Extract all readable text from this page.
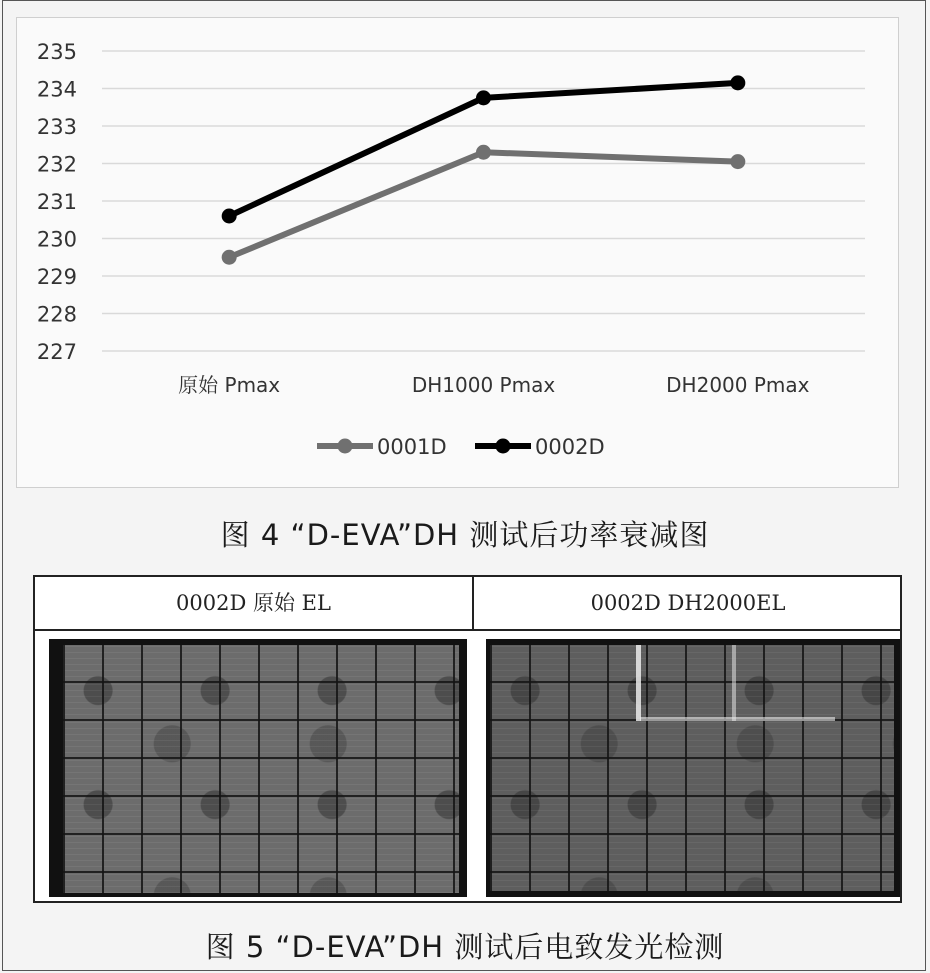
227
228
229
230
231
232
233
234
235
原始 Pmax	DH1000 Pmax	DH2000 Pmax
0001D	0002D
图 4 “D-EVA”DH 测试后功率衰减图
0002D 原始 EL	0002D DH2000EL
图 5 “D-EVA”DH 测试后电致发光检测
